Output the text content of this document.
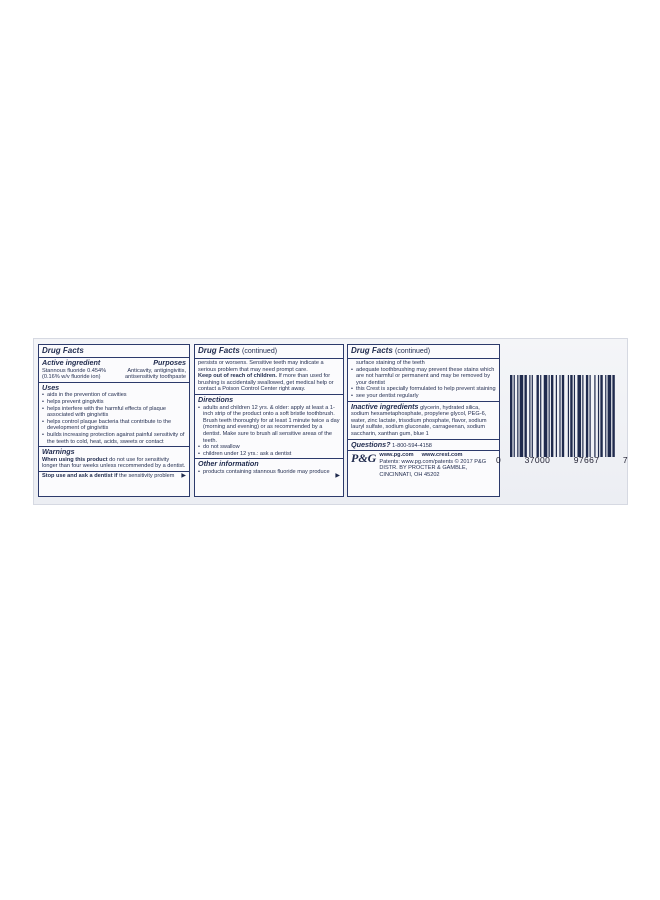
Drug Facts
Active ingredient	Purposes
Stannous fluoride 0.454%	Anticavity, antigingivitis,
(0.16% w/v fluoride ion)	antisensitivity toothpaste
Uses
• aids in the prevention of cavities
• helps prevent gingivitis
• helps interfere with the harmful effects of plaque associated with gingivitis
• helps control plaque bacteria that contribute to the development of gingivitis
• builds increasing protection against painful sensitivity of the teeth to cold, heat, acids, sweets or contact
Warnings
When using this product do not use for sensitivity longer than four weeks unless recommended by a dentist.
Stop use and ask a dentist if the sensitivity problem ▶
Drug Facts (continued)
persists or worsens. Sensitive teeth may indicate a serious problem that may need prompt care.
Keep out of reach of children. If more than used for brushing is accidentally swallowed, get medical help or contact a Poison Control Center right away.
Directions
• adults and children 12 yrs. & older: apply at least a 1-inch strip of the product onto a soft bristle toothbrush. Brush teeth thoroughly for at least 1 minute twice a day (morning and evening) or as recommended by a dentist. Make sure to brush all sensitive areas of the teeth.
• do not swallow
• children under 12 yrs.: ask a dentist
Other information
• products containing stannous fluoride may produce
▶
Drug Facts (continued)
surface staining of the teeth
• adequate toothbrushing may prevent these stains which are not harmful or permanent and may be removed by your dentist
• this Crest is specially formulated to help prevent staining
• see your dentist regularly
Inactive ingredients glycerin, hydrated silica, sodium hexametaphosphate, propylene glycol, PEG-6, water, zinc lactate, trisodium phosphate, flavor, sodium lauryl sulfate, sodium gluconate, carrageenan, sodium saccharin, xanthan gum, blue 1
Questions? 1-800-594-4158
P&G www.pg.com www.crest.com
Patents: www.pg.com/patents © 2017 P&G
DISTR. BY PROCTER & GAMBLE, CINCINNATI, OH 45202
0	37000	97667	7
